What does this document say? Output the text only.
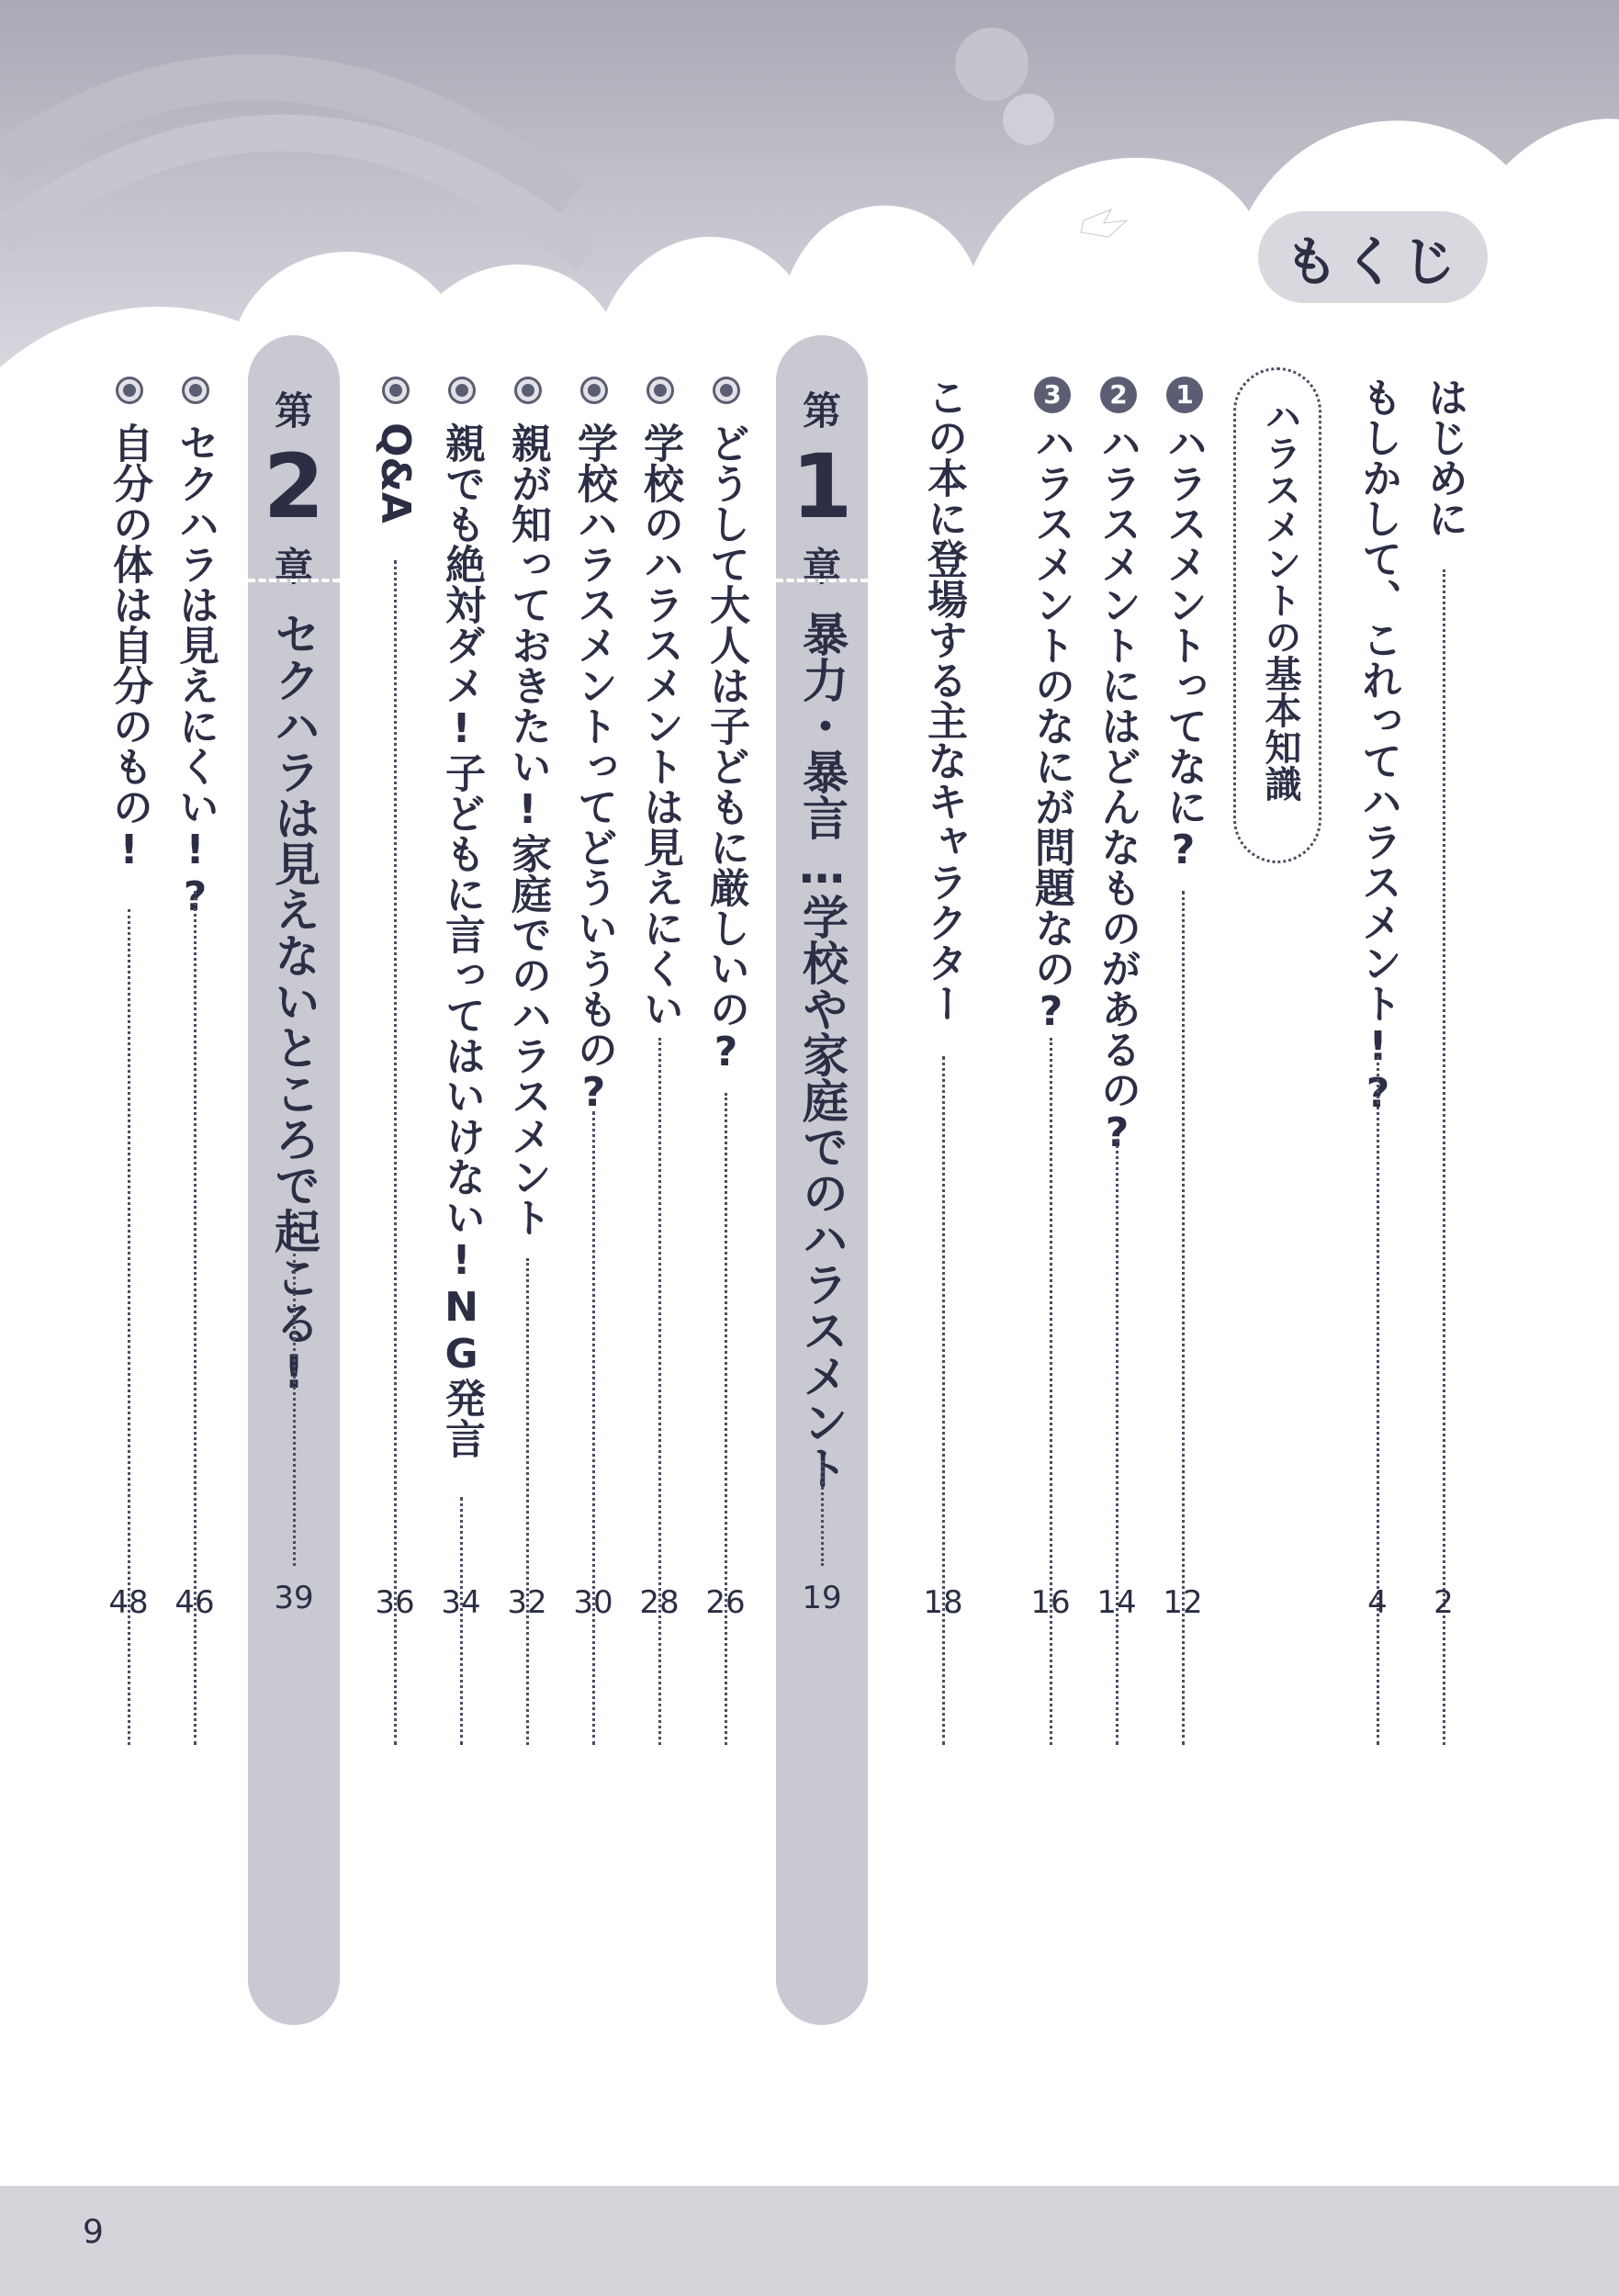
もくじ
はじめに
2
もしかして、これってハラスメント!?
4
ハラスメントの基本知識
1
ハラスメントってなに?
12
2
ハラスメントにはどんなものがあるの?
14
3
ハラスメントのなにが問題なの?
16
この本に登場する主なキャラクター
18
第
1
章
暴力・暴言…学校や家庭でのハラスメント
19
どうして大人は子どもに厳しいの?
26
学校のハラスメントは見えにくい
28
学校ハラスメントってどういうもの?
30
親が知っておきたい!家庭でのハラスメント
32
親でも絶対ダメ!子どもに言ってはいけない!NG発言
34
Q&A
36
第
2
章
セクハラは見えないところで起こる!
39
セクハラは見えにくい!?
46
自分の体は自分のもの!
48
9
